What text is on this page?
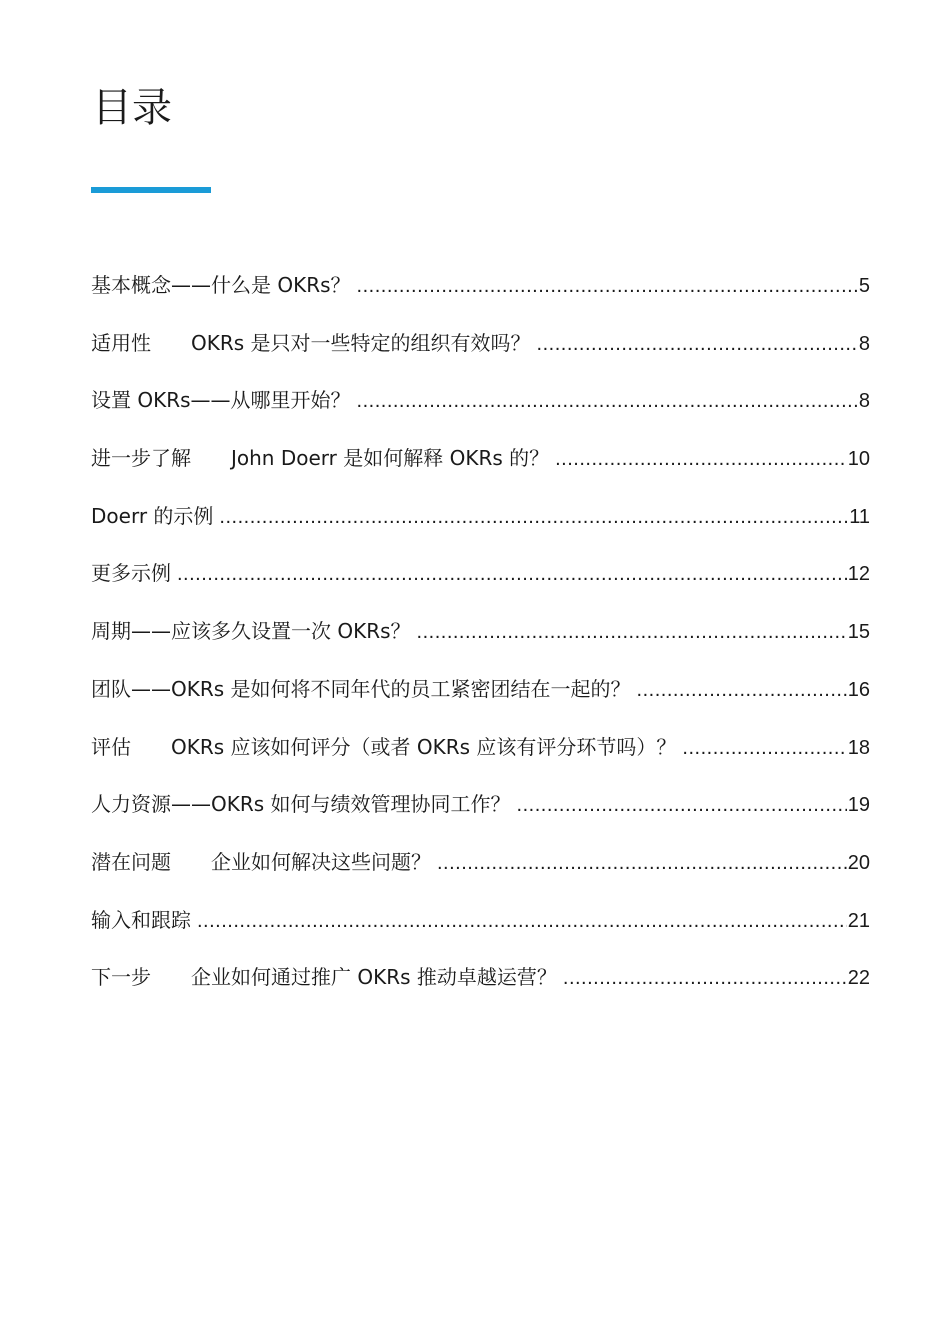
目录
基本概念——什么是 OKRs？ .....	5
适用性　　OKRs 是只对一些特定的组织有效吗？ .....	8
设置 OKRs——从哪里开始？ .....	8
进一步了解　　John Doerr 是如何解释 OKRs 的？ .....	10
Doerr 的示例 .....	11
更多示例 .....	12
周期——应该多久设置一次 OKRs？ .....	15
团队——OKRs 是如何将不同年代的员工紧密团结在一起的？ .....	16
评估　　OKRs 应该如何评分（或者 OKRs 应该有评分环节吗）？ .....	18
人力资源——OKRs 如何与绩效管理协同工作？ .....	19
潜在问题　　企业如何解决这些问题？ .....	20
输入和跟踪 .....	21
下一步　　企业如何通过推广 OKRs 推动卓越运营？ .....	22
